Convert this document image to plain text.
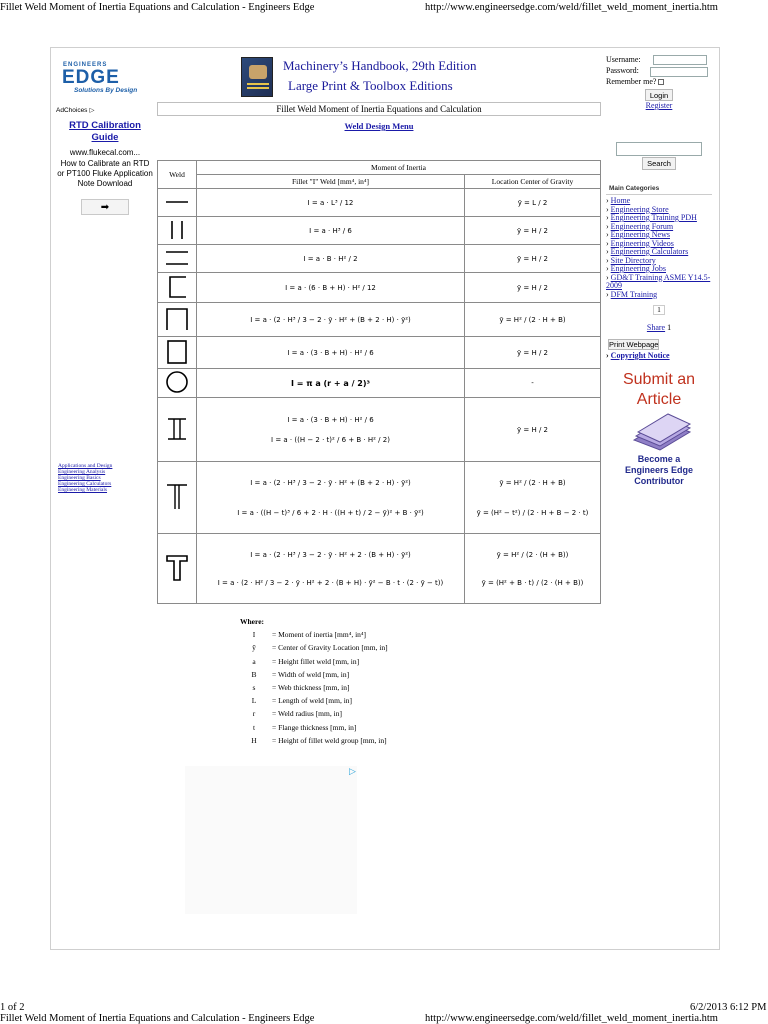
Fillet Weld Moment of Inertia Equations and Calculation - Engineers Edge	http://www.engineersedge.com/weld/fillet_weld_moment_inertia.htm
ENGINEERS
EDGE
Solutions By Design
AdChoices ▷
RTD Calibration Guide
www.flukecal.com...
How to Calibrate an RTD or PT100 Fluke Application Note Download
➡
Applications and Design
Engineering Analysis
Engineering Basics
Engineering Calculators
Engineering Materials
Machinery’s Handbook, 29th Edition
Large Print & Toolbox Editions
Fillet Weld Moment of Inertia Equations and Calculation
Weld Design Menu
Weld	Moment of Inertia	
	Fillet "I" Weld [mm⁴, in⁴]	Location Center of Gravity

I = a · L³ / 12	ȳ = L / 2

I = a · H³ / 6	ȳ = H / 2

I = a · B · H² / 2	ȳ = H / 2

I = a · (6 · B + H) · H² / 12	ȳ = H / 2

I = a · (2 · H³ / 3 − 2 · ȳ · H² + (B + 2 · H) · ȳ²)	ȳ = H² / (2 · H + B)

I = a · (3 · B + H) · H² / 6	ȳ = H / 2

I = π a (r + a / 2)³	-

I = a · (3 · B + H) · H² / 6
I = a · ((H − 2 · t)² / 6 + B · H² / 2)	ȳ = H / 2

I = a · (2 · H³ / 3 − 2 · ȳ · H² + (B + 2 · H) · ȳ²)
I = a · ((H − t)³ / 6 + 2 · H · ((H + t) / 2 − ȳ)² + B · ȳ²)	ȳ = H² / (2 · H + B)
ȳ = (H² − t²) / (2 · H + B − 2 · t)

I = a · (2 · H³ / 3 − 2 · ȳ · H² + 2 · (B + H) · ȳ²)
I = a · (2 · H² / 3 − 2 · ȳ · H² + 2 · (B + H) · ȳ² − B · t · (2 · ȳ − t))	ȳ = H² / (2 · (H + B))
ȳ = (H² + B · t) / (2 · (H + B))
Where:
I	= Moment of inertia [mm⁴, in⁴]
ȳ	= Center of Gravity Location [mm, in]
a	= Height fillet weld [mm, in]
B	= Width of weld [mm, in]
s	= Web thickness [mm, in]
L	= Length of weld [mm, in]
r	= Weld radius [mm, in]
t	= Flange thickness [mm, in]
H	= Height of fillet weld group [mm, in]
▷
Username:
Password:
Remember me?
Login
Register
Search
Main Categories
› Home
› Engineering Store
› Engineering Training PDH
› Engineering Forum
› Engineering News
› Engineering Videos
› Engineering Calculators
› Site Directory
› Engineering Jobs
› GD&T Training ASME Y14.5-2009
› DFM Training
1
Share 1
Print Webpage
› Copyright Notice
Submit an
Article
Become a
Engineers Edge
Contributor
1 of 2	6/2/2013 6:12 PM
Fillet Weld Moment of Inertia Equations and Calculation - Engineers Edge	http://www.engineersedge.com/weld/fillet_weld_moment_inertia.htm
